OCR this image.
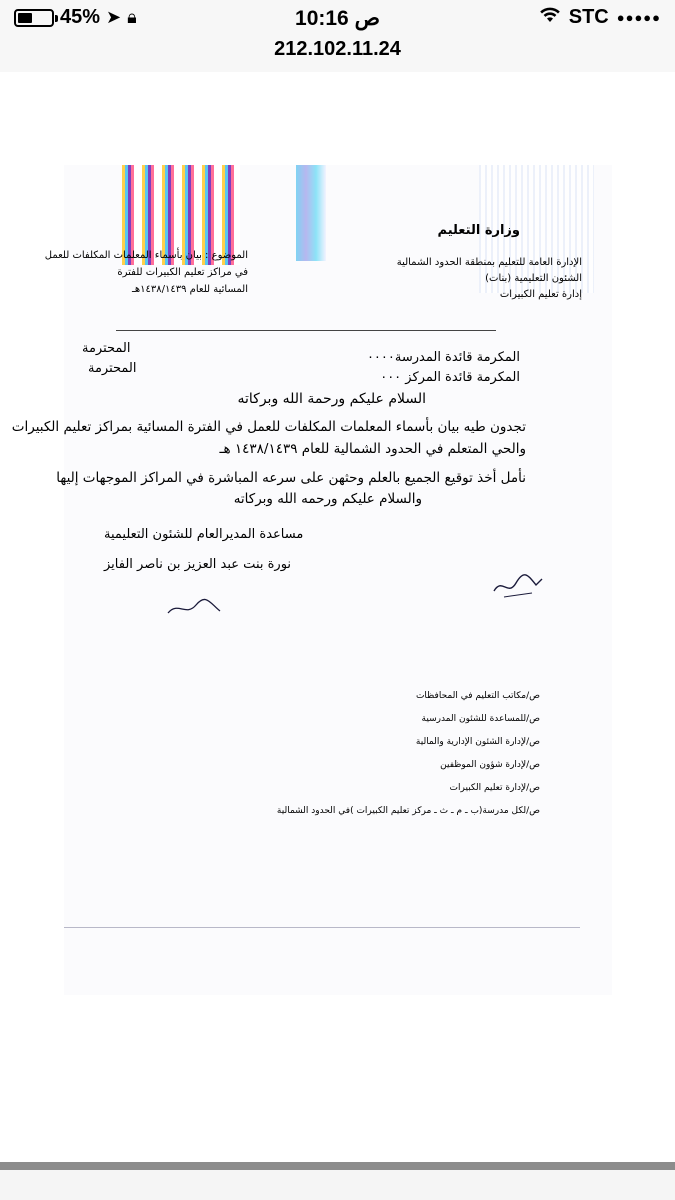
45% ➤ 🔒︎	10:16 ص	STC ●●●●●
212.102.11.24
وزارة التعليم
الإدارة العامة للتعليم بمنطقة الحدود الشمالية
الشئون التعليمية (بنات)
إدارة تعليم الكبيرات
الموضوع : بيان بأسماء المعلمات المكلفات للعمل
في مراكز تعليم الكبيرات للفترة
المسائية للعام ١٤٣٨/١٤٣٩هـ
المحترمة
المحترمة
المكرمة قائدة المدرسة٠٠٠٠
المكرمة قائدة المركز ٠٠٠
السلام عليكم ورحمة الله وبركاته
تجدون طيه بيان بأسماء المعلمات المكلفات للعمل في الفترة المسائية بمراكز تعليم الكبيرات
والحي المتعلم في الحدود الشمالية للعام ١٤٣٨/١٤٣٩ هـ
نأمل أخذ توقيع الجميع بالعلم وحثهن على سرعه المباشرة في المراكز الموجهات إليها
والسلام عليكم ورحمه الله وبركاته
مساعدة المديرالعام للشئون التعليمية
نورة بنت عبد العزيز بن ناصر الفايز
ص/مكاتب التعليم في المحافظات
ص/للمساعدة للشئون المدرسية
ص/لإدارة الشئون الإدارية والمالية
ص/لإدارة شؤون الموظفين
ص/لإدارة تعليم الكبيرات
ص/لكل مدرسة(ب ـ م ـ ث ـ مركز تعليم الكبيرات )في الحدود الشمالية
